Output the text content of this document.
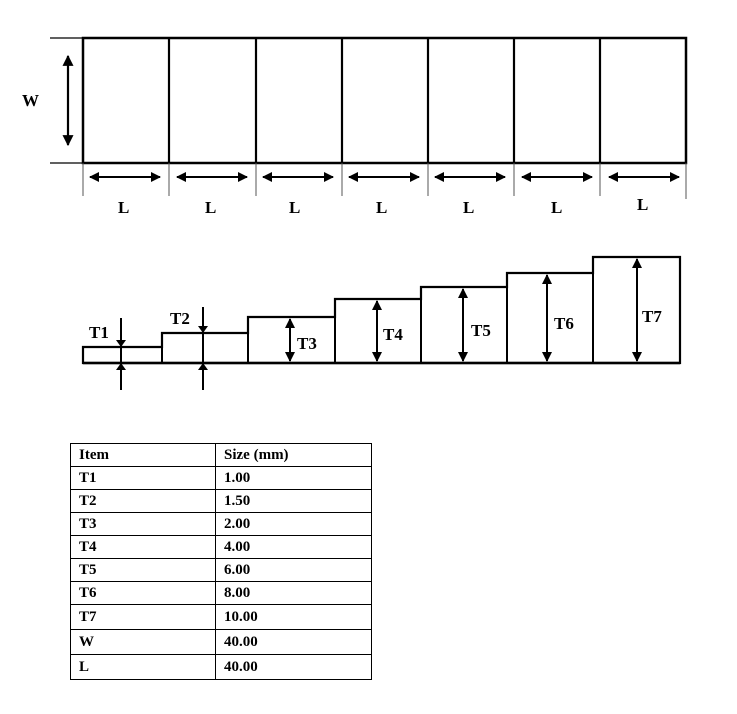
W
L	L	L	L	L	L	L
T1
T2
T3	T4	T5	T6	T7
Item	Size (mm)
T1	1.00
T2	1.50
T3	2.00
T4	4.00
T5	6.00
T6	8.00
T7	10.00
W	40.00
L	40.00
